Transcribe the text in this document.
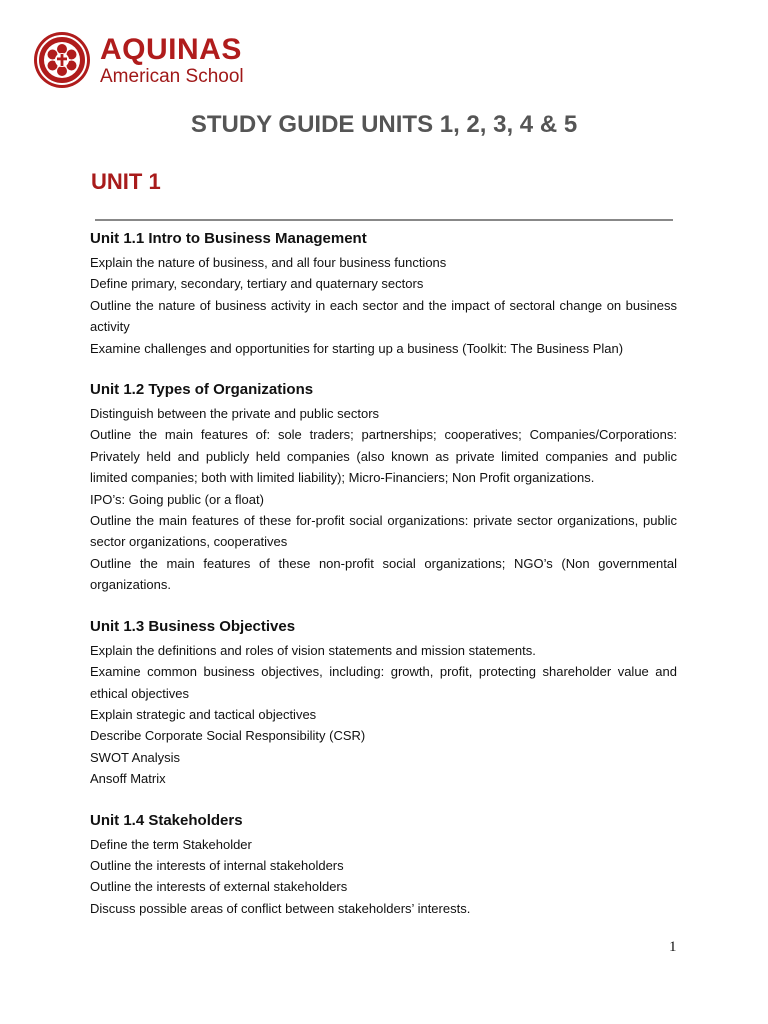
AQUINAS
American School
STUDY GUIDE UNITS 1, 2, 3, 4 & 5
UNIT 1
Unit 1.1 Intro to Business Management
Explain the nature of business, and all four business functions
Define primary, secondary, tertiary and quaternary sectors
Outline the nature of business activity in each sector and the impact of sectoral change on business activity
Examine challenges and opportunities for starting up a business (Toolkit: The Business Plan)
Unit 1.2 Types of Organizations
Distinguish between the private and public sectors
Outline the main features of: sole traders; partnerships; cooperatives; Companies/Corporations: Privately held and publicly held companies (also known as private limited companies and public limited companies; both with limited liability); Micro-Financiers; Non Profit organizations.
IPO’s: Going public (or a float)
Outline the main features of these for-profit social organizations: private sector organizations, public sector organizations, cooperatives
Outline the main features of these non-profit social organizations; NGO’s (Non governmental organizations.
Unit 1.3 Business Objectives
Explain the definitions and roles of vision statements and mission statements.
Examine common business objectives, including: growth, profit, protecting shareholder value and ethical objectives
Explain strategic and tactical objectives
Describe Corporate Social Responsibility (CSR)
SWOT Analysis
Ansoff Matrix
Unit 1.4 Stakeholders
Define the term Stakeholder
Outline the interests of internal stakeholders
Outline the interests of external stakeholders
Discuss possible areas of conflict between stakeholders’ interests.
1
